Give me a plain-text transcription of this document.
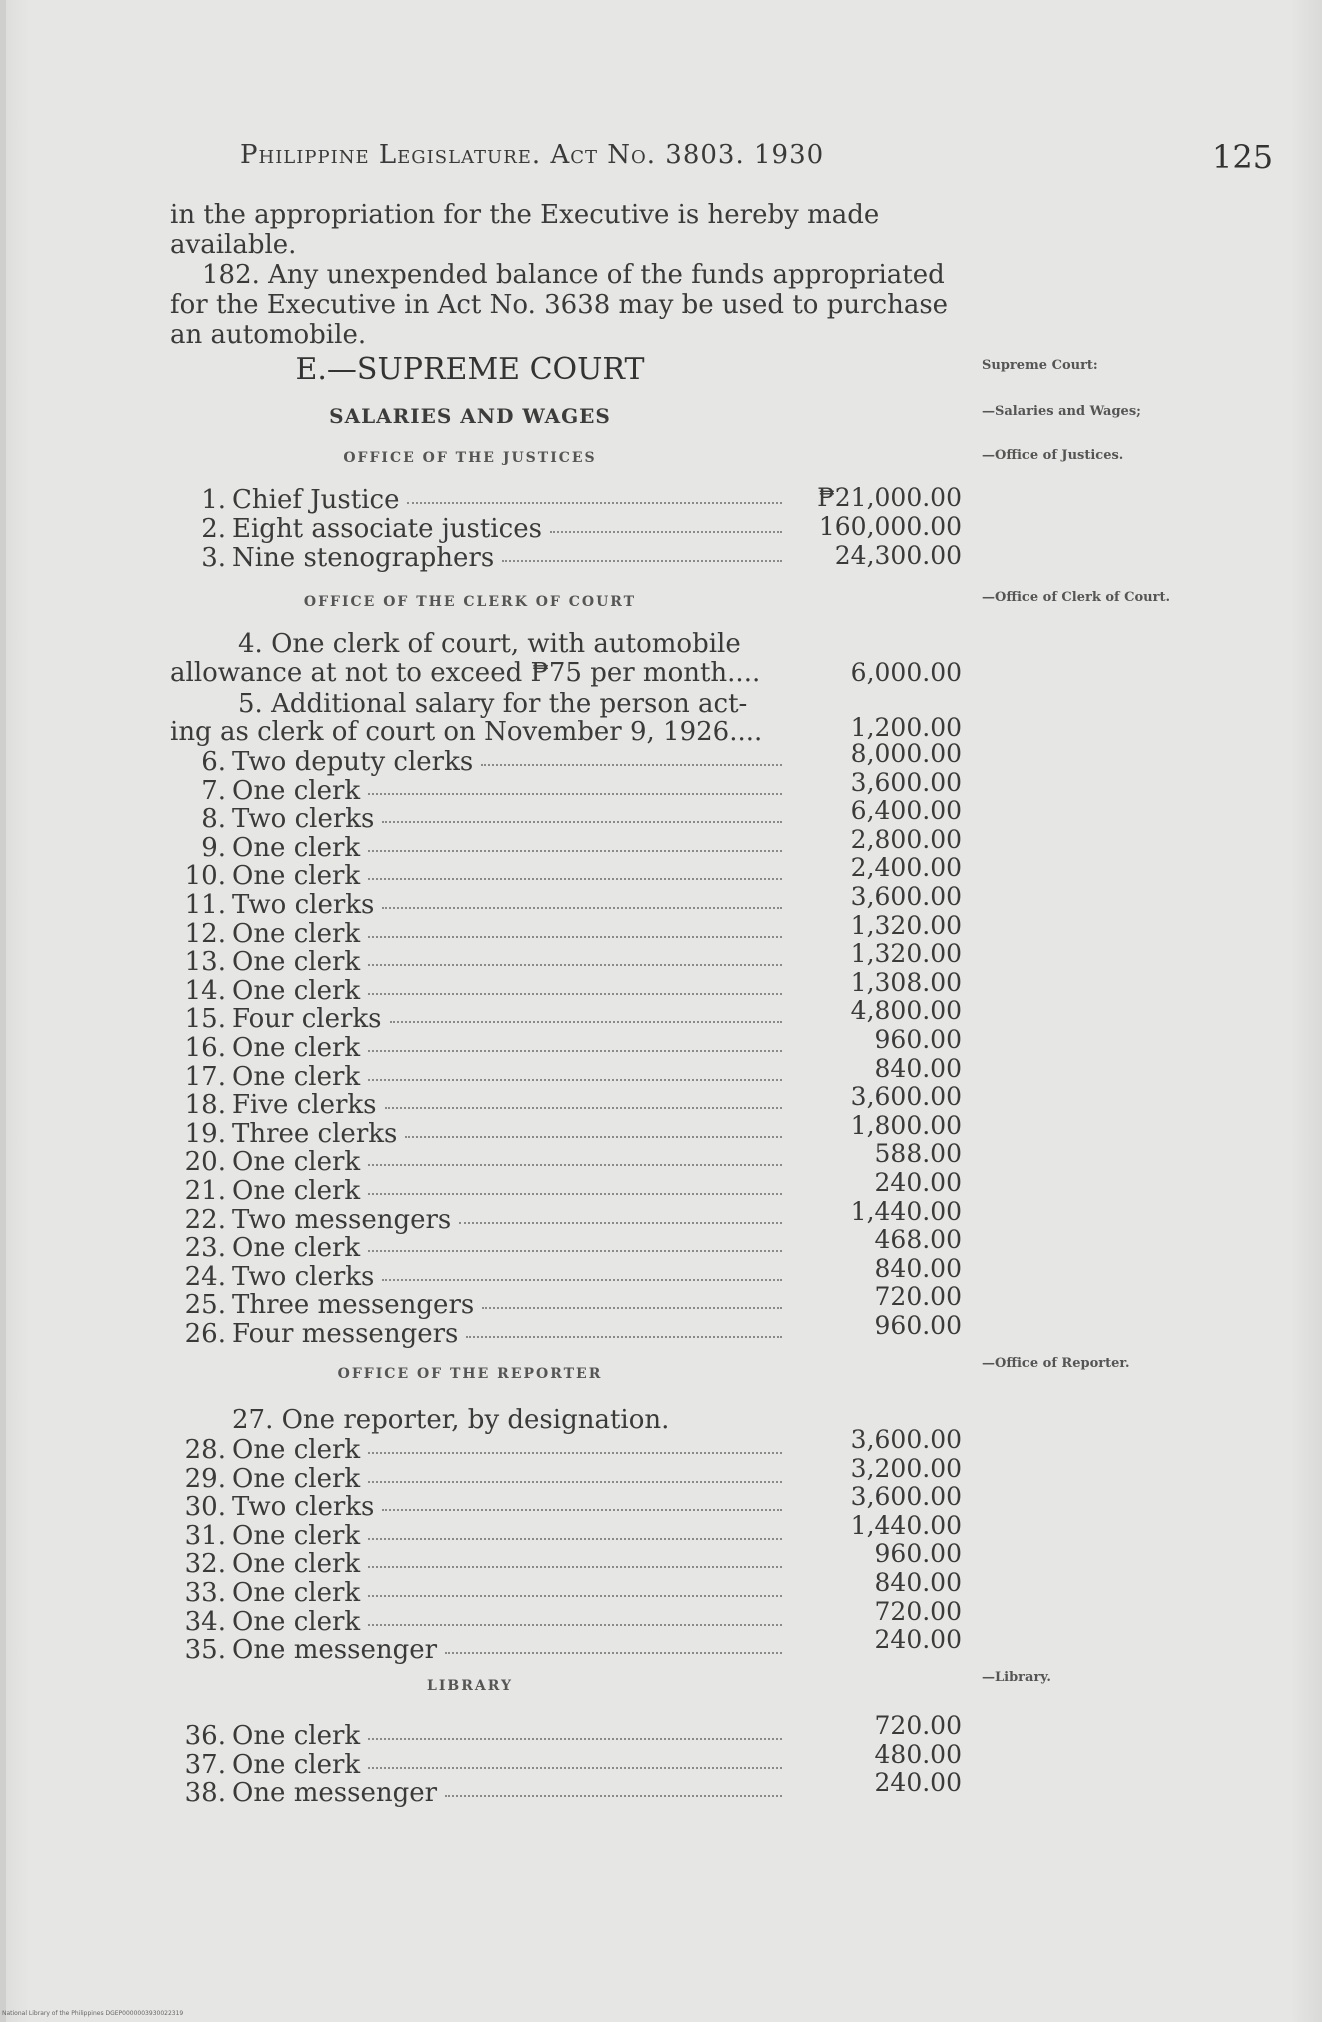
Philippine Legislature. Act No. 3803. 1930	125
in the appropriation for the Executive is hereby made available.
182. Any unexpended balance of the funds appropriated for the Executive in Act No. 3638 may be used to purchase an automobile.
E.—SUPREME COURT
SALARIES AND WAGES
Supreme Court:
—Salaries and Wages;
—Office of Justices.
—Office of Clerk of Court.
—Office of Reporter.
—Library.
OFFICE OF THE JUSTICES
1. Chief Justice	₱21,000.00
2. Eight associate justices	160,000.00
3. Nine stenographers	24,300.00
OFFICE OF THE CLERK OF COURT
4. One clerk of court, with automobile
allowance at not to exceed ₱75 per month....	6,000.00
5. Additional salary for the person act-
ing as clerk of court on November 9, 1926....	1,200.00
6. Two deputy clerks	8,000.00
7. One clerk	3,600.00
8. Two clerks	6,400.00
9. One clerk	2,800.00
10. One clerk	2,400.00
11. Two clerks	3,600.00
12. One clerk	1,320.00
13. One clerk	1,320.00
14. One clerk	1,308.00
15. Four clerks	4,800.00
16. One clerk	960.00
17. One clerk	840.00
18. Five clerks	3,600.00
19. Three clerks	1,800.00
20. One clerk	588.00
21. One clerk	240.00
22. Two messengers	1,440.00
23. One clerk	468.00
24. Two clerks	840.00
25. Three messengers	720.00
26. Four messengers	960.00
OFFICE OF THE REPORTER
27. One reporter, by designation.
28. One clerk	3,600.00
29. One clerk	3,200.00
30. Two clerks	3,600.00
31. One clerk	1,440.00
32. One clerk	960.00
33. One clerk	840.00
34. One clerk	720.00
35. One messenger	240.00
LIBRARY
36. One clerk	720.00
37. One clerk	480.00
38. One messenger	240.00
National Library of the Philippines DGEP0000003930022319
